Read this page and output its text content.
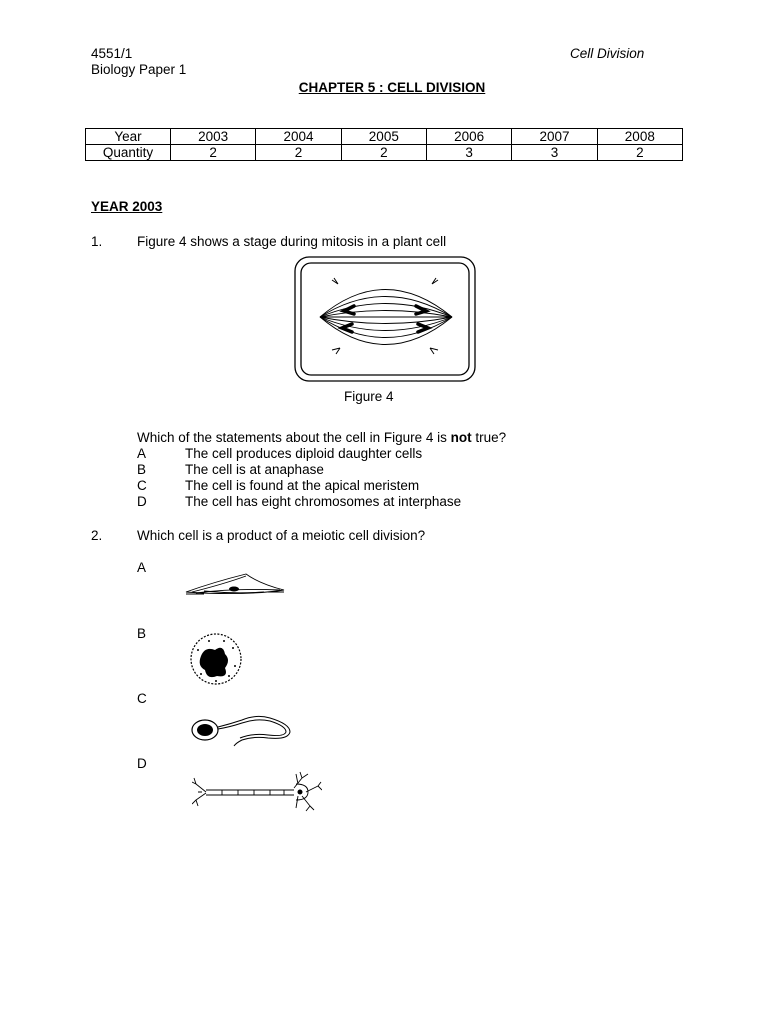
4551/1
Biology Paper 1
Cell Division
CHAPTER 5 : CELL DIVISION
Year	2003	2004	2005	2006	2007	2008
Quantity	2	2	2	3	3	2
YEAR 2003
1.	Figure 4 shows a stage during mitosis in a plant cell
Figure 4
Which of the statements about the cell in Figure 4 is not true?
A	The cell produces diploid daughter cells
B	The cell is at anaphase
C	The cell is found at the apical meristem
D	The cell has eight chromosomes at interphase
2.	Which cell is a product of a meiotic cell division?
A
B
C
D
